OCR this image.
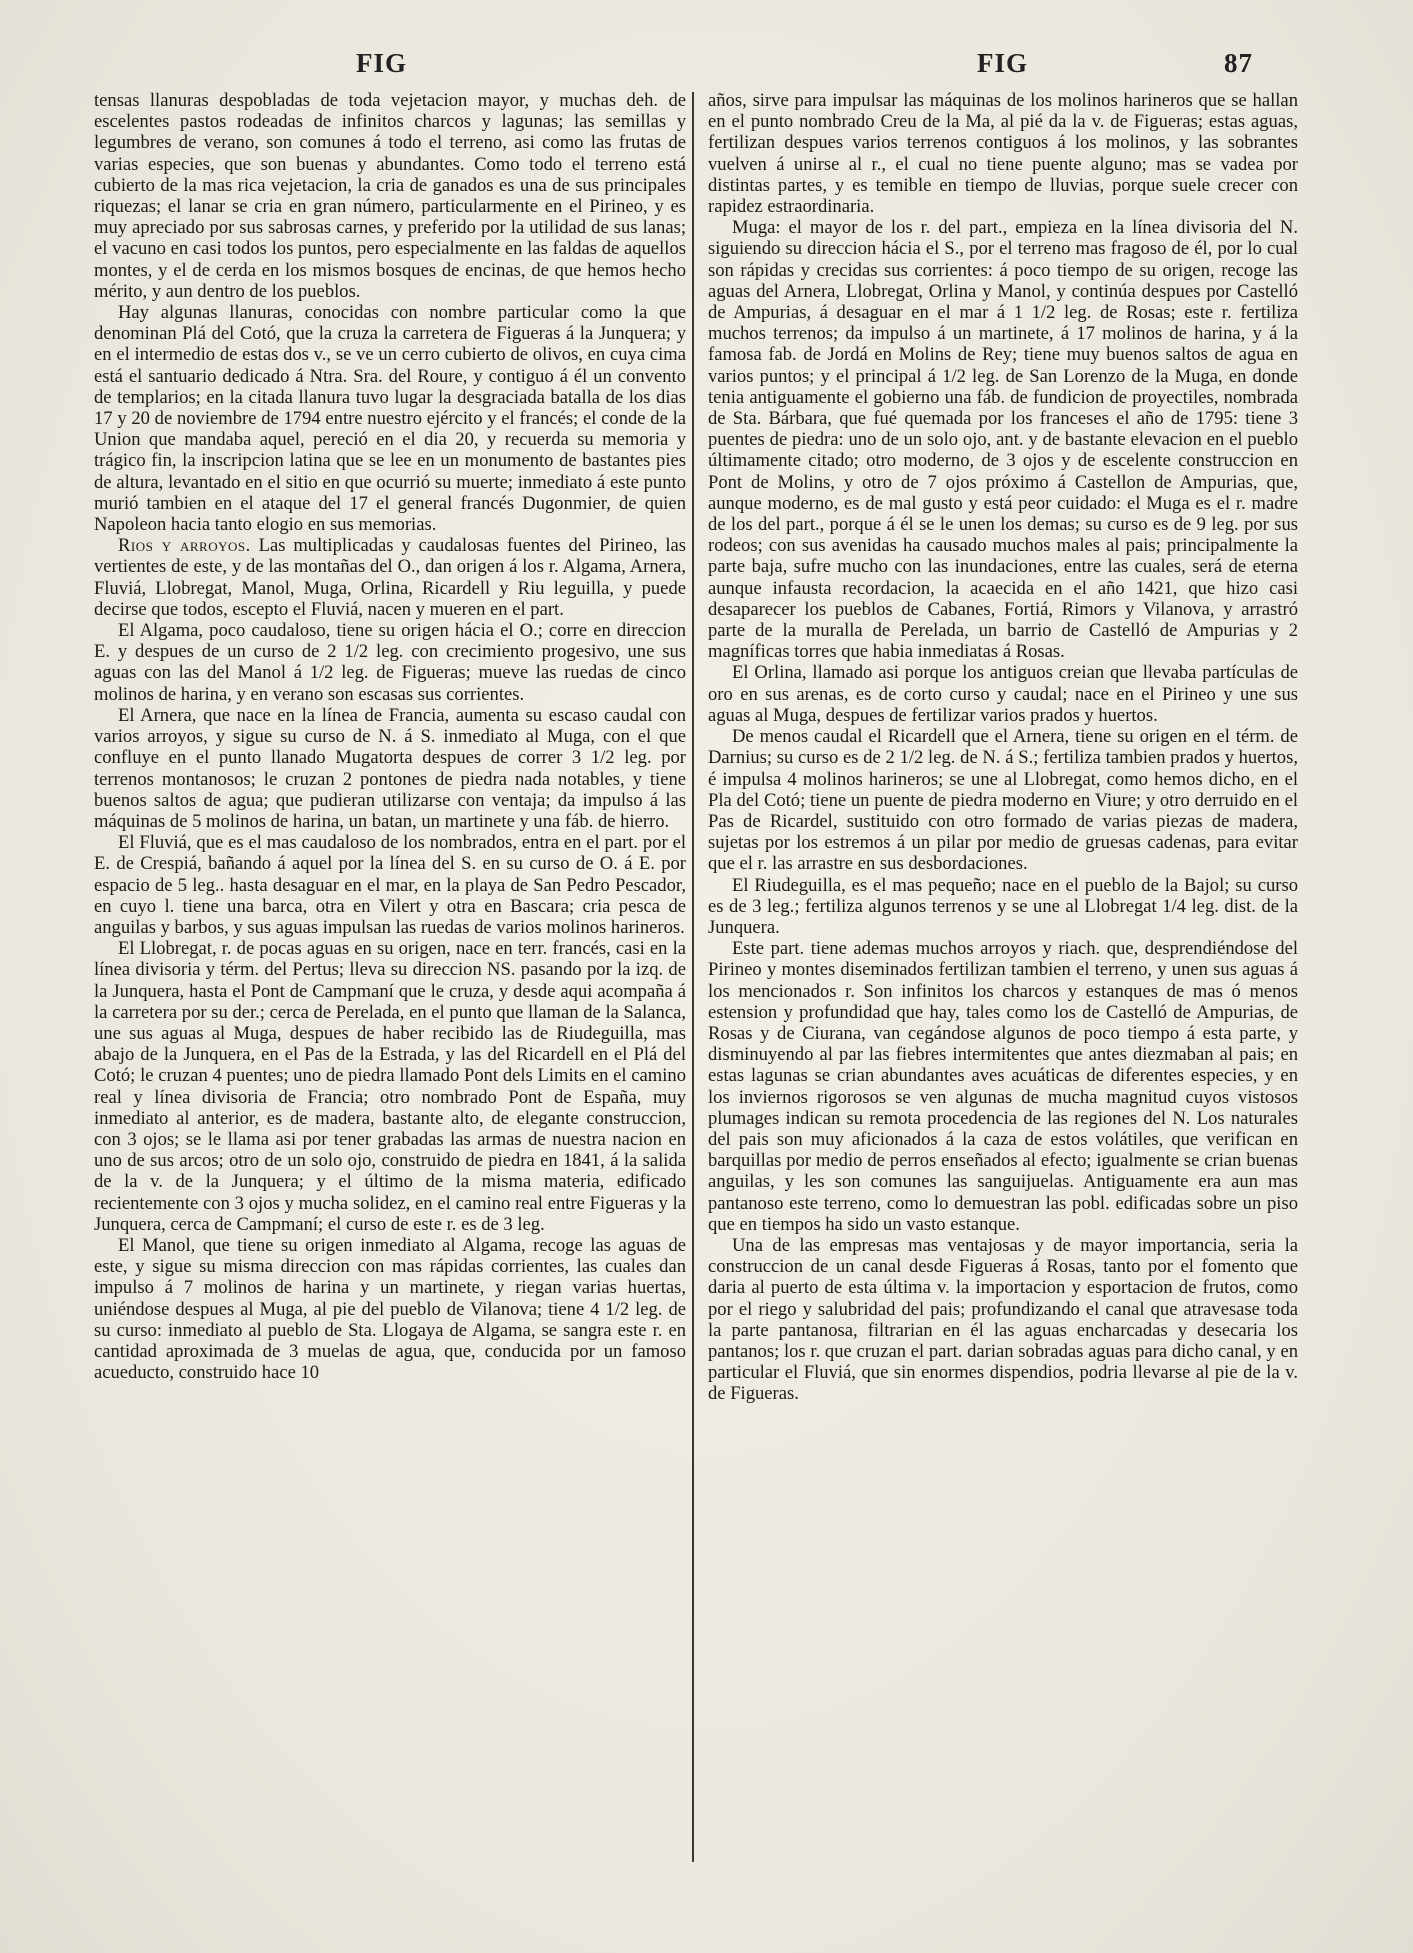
FIG	FIG	87

tensas llanuras despobladas de toda vejetacion mayor, y muchas deh. de escelentes pastos rodeadas de infinitos charcos y lagunas; las semillas y legumbres de verano, son comunes á todo el terreno, asi como las frutas de varias especies, que son buenas y abundantes. Como todo el terreno está cubierto de la mas rica vejetacion, la cria de ganados es una de sus principales riquezas; el lanar se cria en gran número, particularmente en el Pirineo, y es muy apreciado por sus sabrosas carnes, y preferido por la utilidad de sus lanas; el vacuno en casi todos los puntos, pero especialmente en las faldas de aquellos montes, y el de cerda en los mismos bosques de encinas, de que hemos hecho mérito, y aun dentro de los pueblos.

Hay algunas llanuras, conocidas con nombre particular como la que denominan Plá del Cotó, que la cruza la carretera de Figueras á la Junquera; y en el intermedio de estas dos v., se ve un cerro cubierto de olivos, en cuya cima está el santuario dedicado á Ntra. Sra. del Roure, y contiguo á él un convento de templarios; en la citada llanura tuvo lugar la desgraciada batalla de los dias 17 y 20 de noviembre de 1794 entre nuestro ejército y el francés; el conde de la Union que mandaba aquel, pereció en el dia 20, y recuerda su memoria y trágico fin, la inscripcion latina que se lee en un monumento de bastantes pies de altura, levantado en el sitio en que ocurrió su muerte; inmediato á este punto murió tambien en el ataque del 17 el general francés Dugonmier, de quien Napoleon hacia tanto elogio en sus memorias.

Rios y arroyos. Las multiplicadas y caudalosas fuentes del Pirineo, las vertientes de este, y de las montañas del O., dan origen á los r. Algama, Arnera, Fluviá, Llobregat, Manol, Muga, Orlina, Ricardell y Riu leguilla, y puede decirse que todos, escepto el Fluviá, nacen y mueren en el part.

El Algama, poco caudaloso, tiene su origen hácia el O.; corre en direccion E. y despues de un curso de 2 1/2 leg. con crecimiento progesivo, une sus aguas con las del Manol á 1/2 leg. de Figueras; mueve las ruedas de cinco molinos de harina, y en verano son escasas sus corrientes.

El Arnera, que nace en la línea de Francia, aumenta su escaso caudal con varios arroyos, y sigue su curso de N. á S. inmediato al Muga, con el que confluye en el punto llanado Mugatorta despues de correr 3 1/2 leg. por terrenos montanosos; le cruzan 2 pontones de piedra nada notables, y tiene buenos saltos de agua; que pudieran utilizarse con ventaja; da impulso á las máquinas de 5 molinos de harina, un batan, un martinete y una fáb. de hierro.

El Fluviá, que es el mas caudaloso de los nombrados, entra en el part. por el E. de Crespiá, bañando á aquel por la línea del S. en su curso de O. á E. por espacio de 5 leg.. hasta desaguar en el mar, en la playa de San Pedro Pescador, en cuyo l. tiene una barca, otra en Vilert y otra en Bascara; cria pesca de anguilas y barbos, y sus aguas impulsan las ruedas de varios molinos harineros.

El Llobregat, r. de pocas aguas en su origen, nace en terr. francés, casi en la línea divisoria y térm. del Pertus; lleva su direccion NS. pasando por la izq. de la Junquera, hasta el Pont de Campmaní que le cruza, y desde aqui acompaña á la carretera por su der.; cerca de Perelada, en el punto que llaman de la Salanca, une sus aguas al Muga, despues de haber recibido las de Riudeguilla, mas abajo de la Junquera, en el Pas de la Estrada, y las del Ricardell en el Plá del Cotó; le cruzan 4 puentes; uno de piedra llamado Pont dels Limits en el camino real y línea divisoria de Francia; otro nombrado Pont de España, muy inmediato al anterior, es de madera, bastante alto, de elegante construccion, con 3 ojos; se le llama asi por tener grabadas las armas de nuestra nacion en uno de sus arcos; otro de un solo ojo, construido de piedra en 1841, á la salida de la v. de la Junquera; y el último de la misma materia, edificado recientemente con 3 ojos y mucha solidez, en el camino real entre Figueras y la Junquera, cerca de Campmaní; el curso de este r. es de 3 leg.

El Manol, que tiene su origen inmediato al Algama, recoge las aguas de este, y sigue su misma direccion con mas rápidas corrientes, las cuales dan impulso á 7 molinos de harina y un martinete, y riegan varias huertas, uniéndose despues al Muga, al pie del pueblo de Vilanova; tiene 4 1/2 leg. de su curso: inmediato al pueblo de Sta. Llogaya de Algama, se sangra este r. en cantidad aproximada de 3 muelas de agua, que, conducida por un famoso acueducto, construido hace 10

años, sirve para impulsar las máquinas de los molinos harineros que se hallan en el punto nombrado Creu de la Ma, al pié da la v. de Figueras; estas aguas, fertilizan despues varios terrenos contiguos á los molinos, y las sobrantes vuelven á unirse al r., el cual no tiene puente alguno; mas se vadea por distintas partes, y es temible en tiempo de lluvias, porque suele crecer con rapidez estraordinaria.

Muga: el mayor de los r. del part., empieza en la línea divisoria del N. siguiendo su direccion hácia el S., por el terreno mas fragoso de él, por lo cual son rápidas y crecidas sus corrientes: á poco tiempo de su origen, recoge las aguas del Arnera, Llobregat, Orlina y Manol, y continúa despues por Castelló de Ampurias, á desaguar en el mar á 1 1/2 leg. de Rosas; este r. fertiliza muchos terrenos; da impulso á un martinete, á 17 molinos de harina, y á la famosa fab. de Jordá en Molins de Rey; tiene muy buenos saltos de agua en varios puntos; y el principal á 1/2 leg. de San Lorenzo de la Muga, en donde tenia antiguamente el gobierno una fáb. de fundicion de proyectiles, nombrada de Sta. Bárbara, que fué quemada por los franceses el año de 1795: tiene 3 puentes de piedra: uno de un solo ojo, ant. y de bastante elevacion en el pueblo últimamente citado; otro moderno, de 3 ojos y de escelente construccion en Pont de Molins, y otro de 7 ojos próximo á Castellon de Ampurias, que, aunque moderno, es de mal gusto y está peor cuidado: el Muga es el r. madre de los del part., porque á él se le unen los demas; su curso es de 9 leg. por sus rodeos; con sus avenidas ha causado muchos males al pais; principalmente la parte baja, sufre mucho con las inundaciones, entre las cuales, será de eterna aunque infausta recordacion, la acaecida en el año 1421, que hizo casi desaparecer los pueblos de Cabanes, Fortiá, Rimors y Vilanova, y arrastró parte de la muralla de Perelada, un barrio de Castelló de Ampurias y 2 magníficas torres que habia inmediatas á Rosas.

El Orlina, llamado asi porque los antiguos creian que llevaba partículas de oro en sus arenas, es de corto curso y caudal; nace en el Pirineo y une sus aguas al Muga, despues de fertilizar varios prados y huertos.

De menos caudal el Ricardell que el Arnera, tiene su origen en el térm. de Darnius; su curso es de 2 1/2 leg. de N. á S.; fertiliza tambien prados y huertos, é impulsa 4 molinos harineros; se une al Llobregat, como hemos dicho, en el Pla del Cotó; tiene un puente de piedra moderno en Viure; y otro derruido en el Pas de Ricardel, sustituido con otro formado de varias piezas de madera, sujetas por los estremos á un pilar por medio de gruesas cadenas, para evitar que el r. las arrastre en sus desbordaciones.

El Riudeguilla, es el mas pequeño; nace en el pueblo de la Bajol; su curso es de 3 leg.; fertiliza algunos terrenos y se une al Llobregat 1/4 leg. dist. de la Junquera.

Este part. tiene ademas muchos arroyos y riach. que, desprendiéndose del Pirineo y montes diseminados fertilizan tambien el terreno, y unen sus aguas á los mencionados r. Son infinitos los charcos y estanques de mas ó menos estension y profundidad que hay, tales como los de Castelló de Ampurias, de Rosas y de Ciurana, van cegándose algunos de poco tiempo á esta parte, y disminuyendo al par las fiebres intermitentes que antes diezmaban al pais; en estas lagunas se crian abundantes aves acuáticas de diferentes especies, y en los inviernos rigorosos se ven algunas de mucha magnitud cuyos vistosos plumages indican su remota procedencia de las regiones del N. Los naturales del pais son muy aficionados á la caza de estos volátiles, que verifican en barquillas por medio de perros enseñados al efecto; igualmente se crian buenas anguilas, y les son comunes las sanguijuelas. Antiguamente era aun mas pantanoso este terreno, como lo demuestran las pobl. edificadas sobre un piso que en tiempos ha sido un vasto estanque.

Una de las empresas mas ventajosas y de mayor importancia, seria la construccion de un canal desde Figueras á Rosas, tanto por el fomento que daria al puerto de esta última v. la importacion y esportacion de frutos, como por el riego y salubridad del pais; profundizando el canal que atravesase toda la parte pantanosa, filtrarian en él las aguas encharcadas y desecaria los pantanos; los r. que cruzan el part. darian sobradas aguas para dicho canal, y en particular el Fluviá, que sin enormes dispendios, podria llevarse al pie de la v. de Figueras.
